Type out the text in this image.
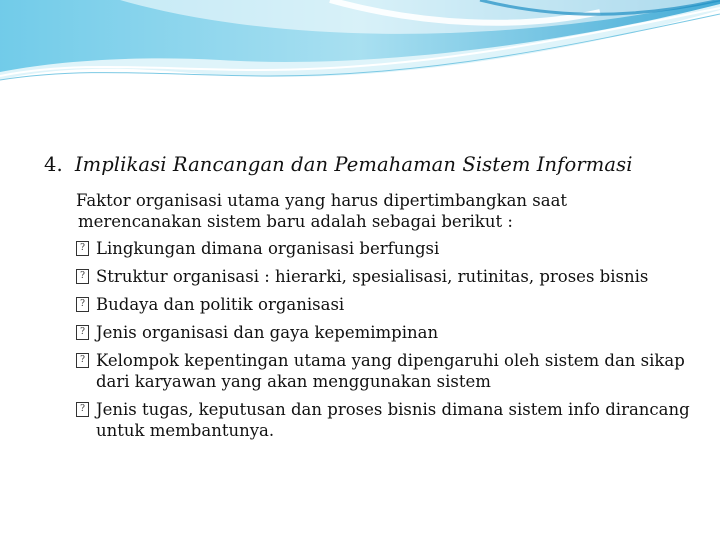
4. Implikasi Rancangan dan Pemahaman Sistem Informasi

Faktor organisasi utama yang harus dipertimbangkan saat
merencanakan sistem baru adalah sebagai berikut :

? Lingkungan dimana organisasi berfungsi
? Struktur organisasi : hierarki, spesialisasi, rutinitas, proses bisnis
? Budaya dan politik organisasi
? Jenis organisasi dan gaya kepemimpinan
? Kelompok kepentingan utama yang dipengaruhi oleh sistem dan sikap dari karyawan yang akan menggunakan sistem
? Jenis tugas, keputusan dan proses bisnis dimana sistem info dirancang untuk membantunya.
